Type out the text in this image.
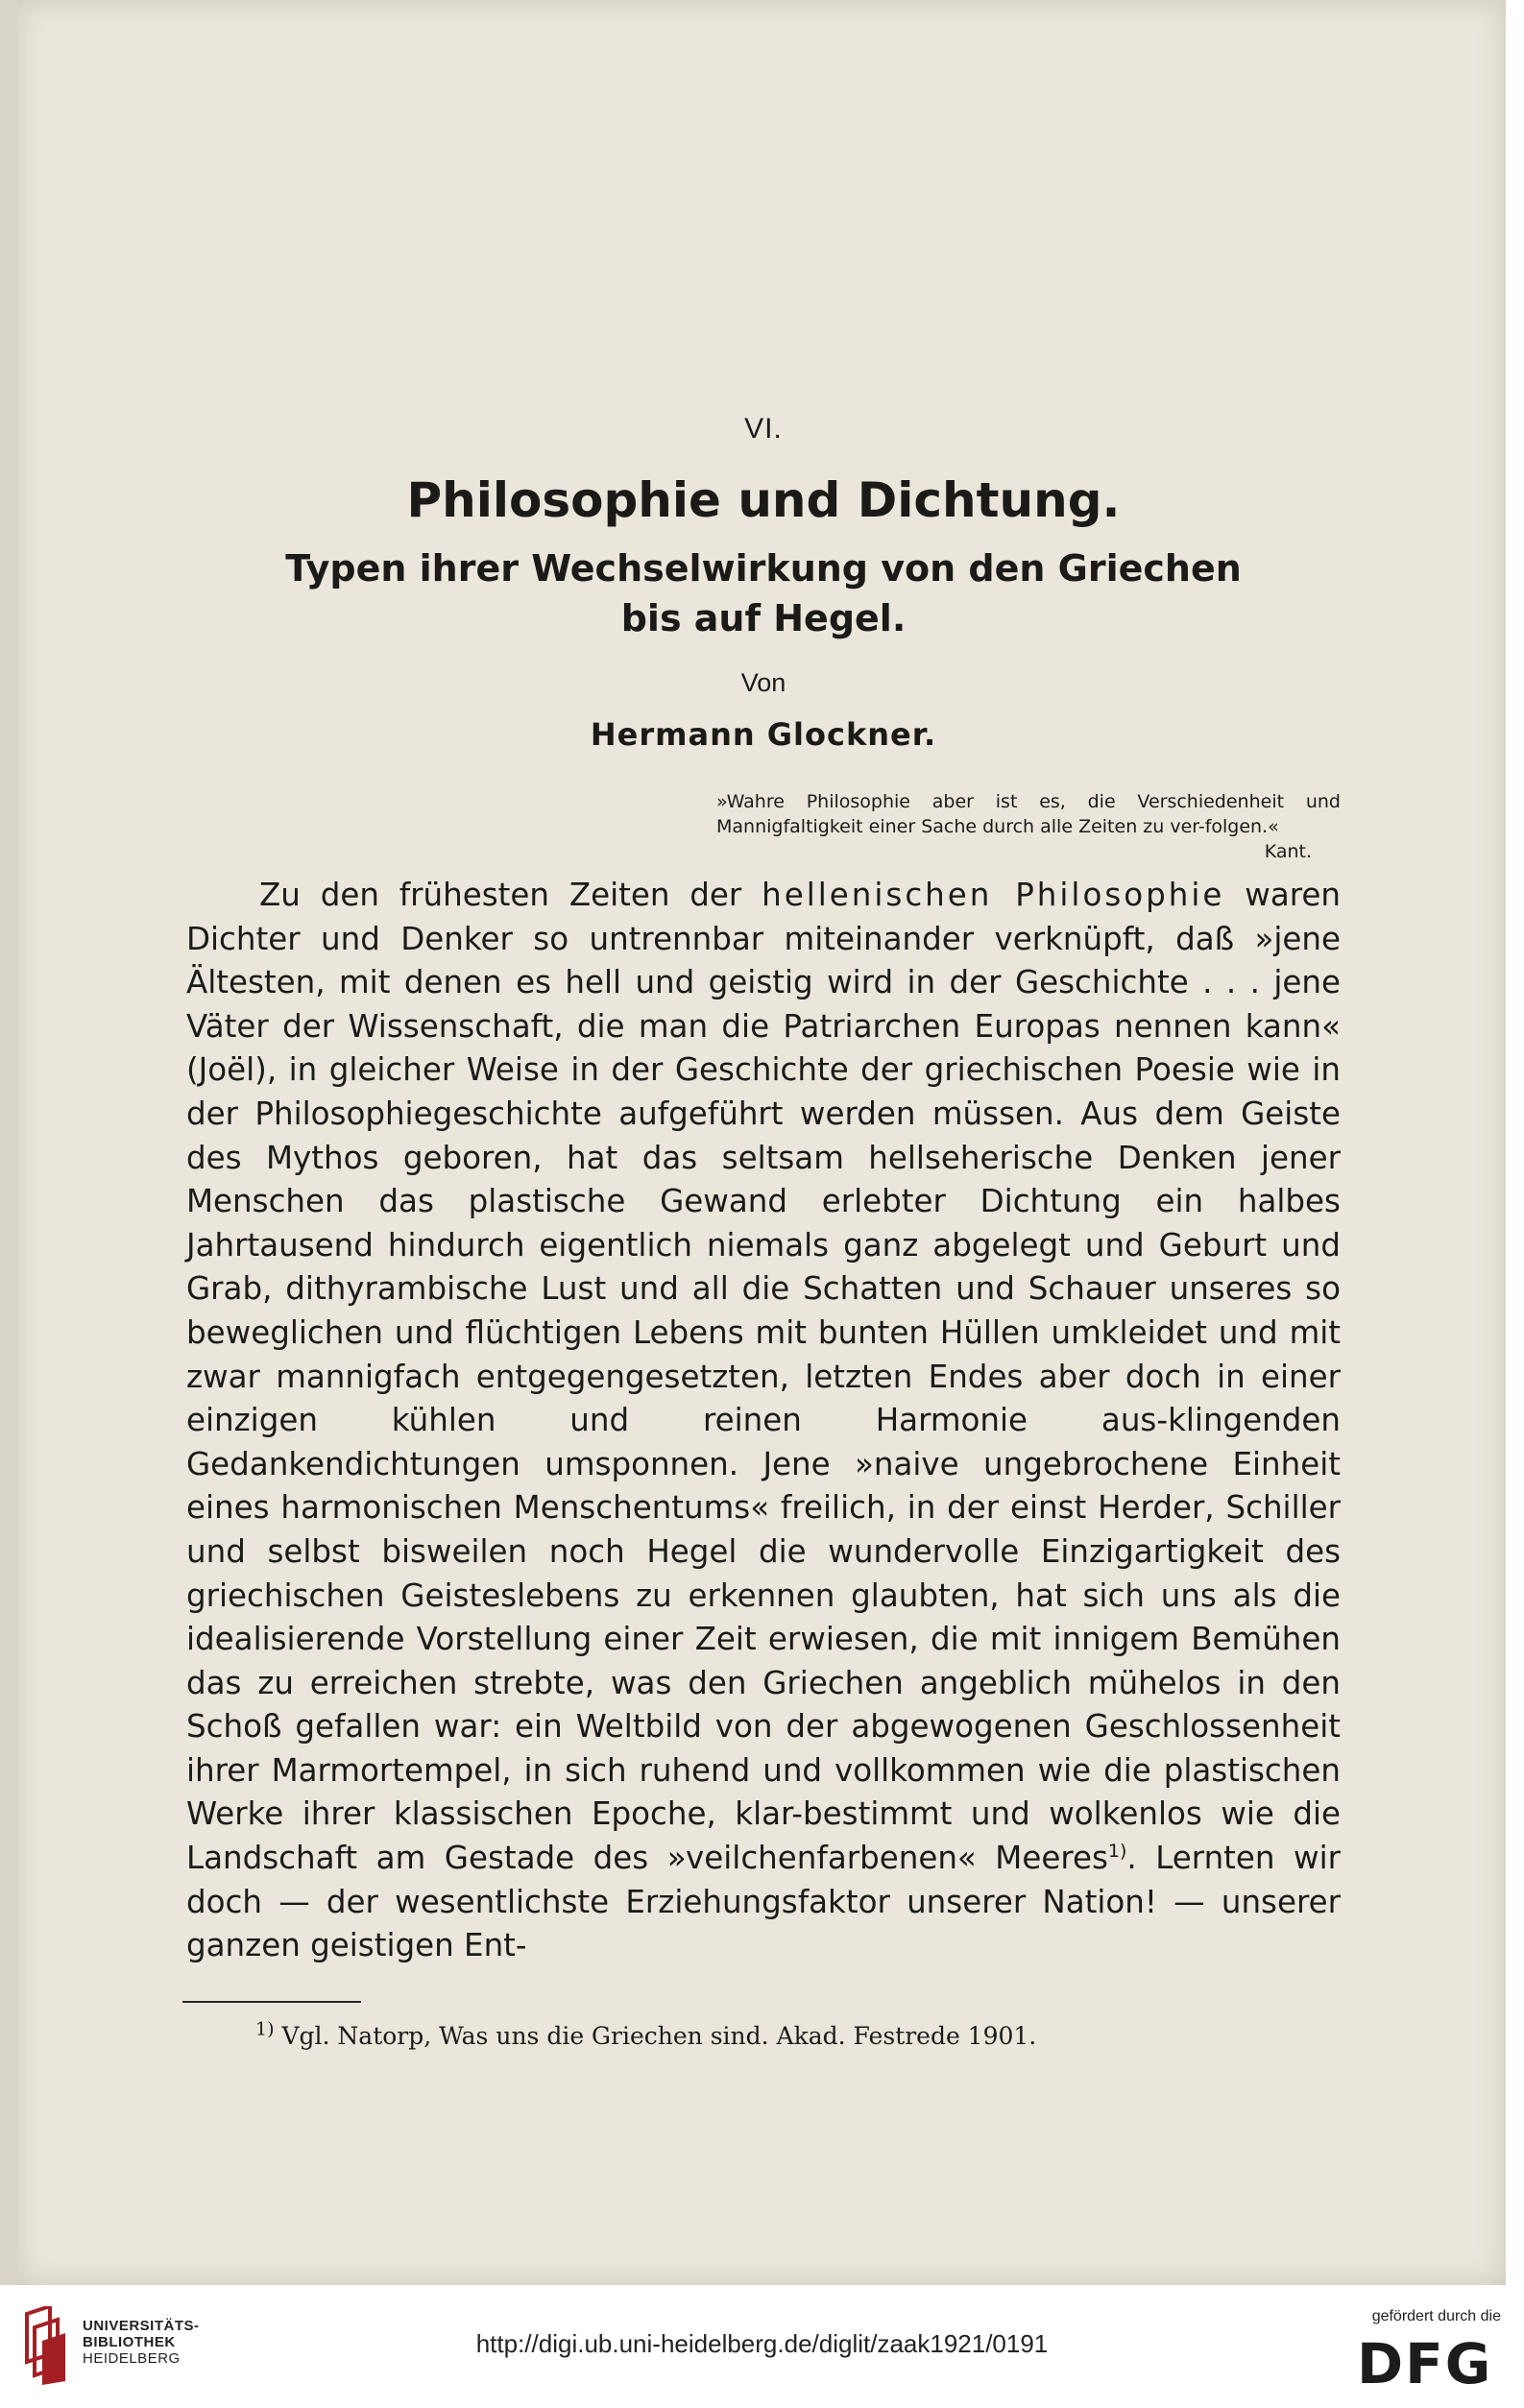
VI.
Philosophie und Dichtung.
Typen ihrer Wechselwirkung von den Griechen
bis auf Hegel.
Von
Hermann Glockner.
»Wahre Philosophie aber ist es, die Verschiedenheit und Mannigfaltigkeit einer Sache durch alle Zeiten zu ver-folgen.«
Kant.

Zu den frühesten Zeiten der hellenischen Philosophie waren Dichter und Denker so untrennbar miteinander verknüpft, daß »jene Ältesten, mit denen es hell und geistig wird in der Geschichte . . . jene Väter der Wissenschaft, die man die Patriarchen Europas nennen kann« (Joël), in gleicher Weise in der Geschichte der griechischen Poesie wie in der Philosophiegeschichte aufgeführt werden müssen. Aus dem Geiste des Mythos geboren, hat das seltsam hellseherische Denken jener Menschen das plastische Gewand erlebter Dichtung ein halbes Jahrtausend hindurch eigentlich niemals ganz abgelegt und Geburt und Grab, dithyrambische Lust und all die Schatten und Schauer unseres so beweglichen und flüchtigen Lebens mit bunten Hüllen umkleidet und mit zwar mannigfach entgegengesetzten, letzten Endes aber doch in einer einzigen kühlen und reinen Harmonie aus-klingenden Gedankendichtungen umsponnen. Jene »naive ungebrochene Einheit eines harmonischen Menschentums« freilich, in der einst Herder, Schiller und selbst bisweilen noch Hegel die wundervolle Einzigartigkeit des griechischen Geisteslebens zu erkennen glaubten, hat sich uns als die idealisierende Vorstellung einer Zeit erwiesen, die mit innigem Bemühen das zu erreichen strebte, was den Griechen angeblich mühelos in den Schoß gefallen war: ein Weltbild von der abgewogenen Geschlossenheit ihrer Marmortempel, in sich ruhend und vollkommen wie die plastischen Werke ihrer klassischen Epoche, klar-bestimmt und wolkenlos wie die Landschaft am Gestade des »veilchenfarbenen« Meeres$^{1)}$. Lernten wir doch — der wesentlichste Erziehungsfaktor unserer Nation! — unserer ganzen geistigen Ent-

$^{1)}$ Vgl. Natorp, Was uns die Griechen sind. Akad. Festrede 1901.
UNIVERSITÄTS-
BIBLIOTHEK
HEIDELBERG
http://digi.ub.uni-heidelberg.de/diglit/zaak1921/0191
gefördert durch die
DFG
